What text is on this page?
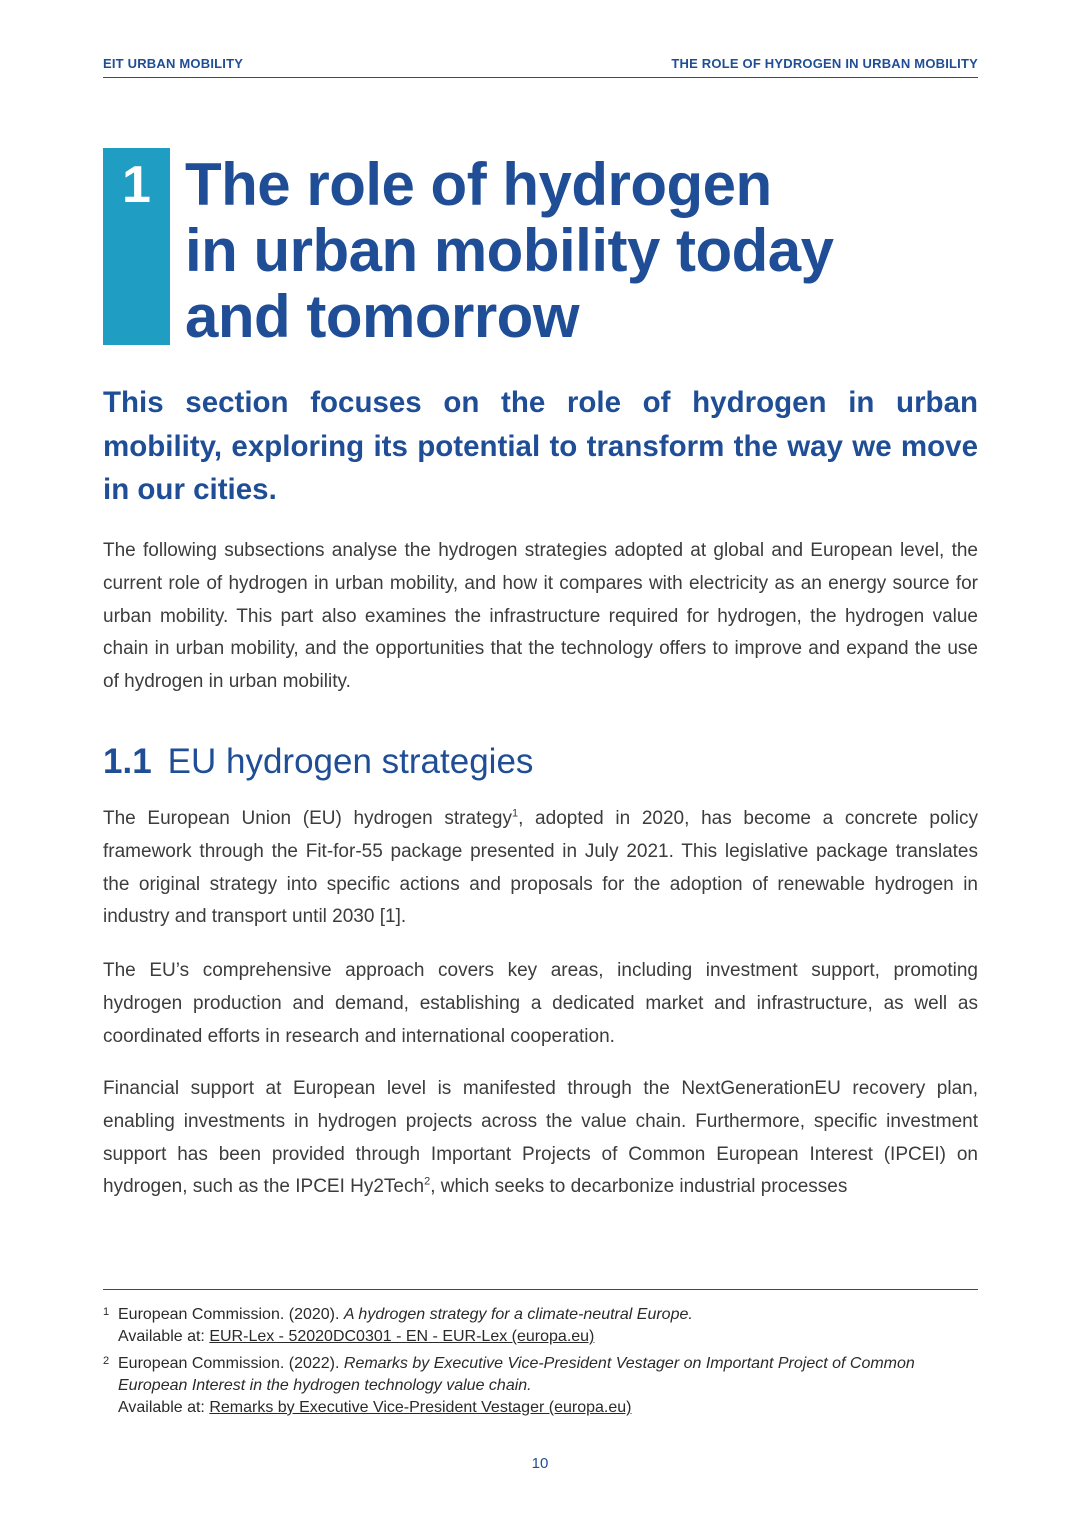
EIT URBAN MOBILITY	THE ROLE OF HYDROGEN IN URBAN MOBILITY
1 The role of hydrogen
in urban mobility today
and tomorrow

This section focuses on the role of hydrogen in urban mobility, exploring its potential to transform the way we move in our cities.

The following subsections analyse the hydrogen strategies adopted at global and European level, the current role of hydrogen in urban mobility, and how it compares with electricity as an energy source for urban mobility. This part also examines the infrastructure required for hydrogen, the hydrogen value chain in urban mobility, and the opportunities that the technology offers to improve and expand the use of hydrogen in urban mobility.

1.1 EU hydrogen strategies

The European Union (EU) hydrogen strategy$^1$, adopted in 2020, has become a concrete policy framework through the Fit-for-55 package presented in July 2021. This legislative package translates the original strategy into specific actions and proposals for the adoption of renewable hydrogen in industry and transport until 2030 [1].

The EU’s comprehensive approach covers key areas, including investment support, promoting hydrogen production and demand, establishing a dedicated market and infrastructure, as well as coordinated efforts in research and international cooperation.

Financial support at European level is manifested through the NextGenerationEU recovery plan, enabling investments in hydrogen projects across the value chain. Furthermore, specific investment support has been provided through Important Projects of Common European Interest (IPCEI) on hydrogen, such as the IPCEI Hy2Tech$^2$, which seeks to decarbonize industrial processes

1 European Commission. (2020). A hydrogen strategy for a climate-neutral Europe.
Available at: EUR-Lex - 52020DC0301 - EN - EUR-Lex (europa.eu)
2 European Commission. (2022). Remarks by Executive Vice-President Vestager on Important Project of Common
European Interest in the hydrogen technology value chain.
Available at: Remarks by Executive Vice-President Vestager (europa.eu)
10
